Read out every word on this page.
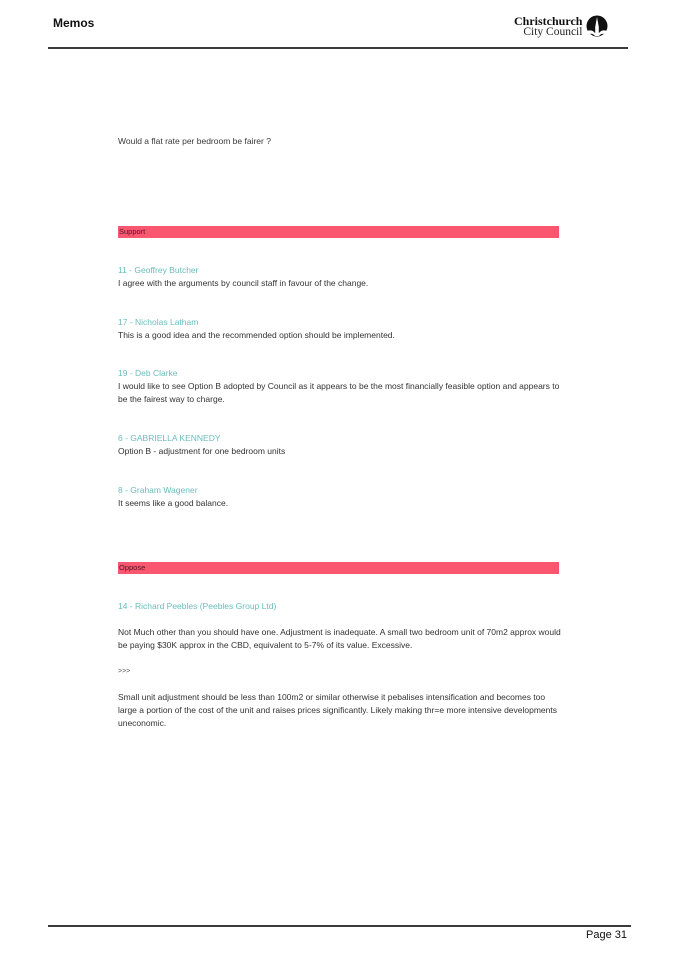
Memos	Christchurch
City Council
Would a flat rate per bedroom be fairer ?
Support
11 - Geoffrey Butcher
I agree with the arguments by council staff in favour of the change.
17 - Nicholas Latham
This is a good idea and the recommended option should be implemented.
19 - Deb Clarke
I would like to see Option B adopted by Council as it appears to be the most financially feasible option and appears to be the fairest way to charge.
6 - GABRIELLA KENNEDY
Option B - adjustment for one bedroom units
8 - Graham Wagener
It seems like a good balance.
Oppose
14 - Richard Peebles (Peebles Group Ltd)
Not Much other than you should have one. Adjustment is inadequate. A small two bedroom unit of 70m2 approx would be paying $30K approx in the CBD, equivalent to 5-7% of its value. Excessive.
>>>
Small unit adjustment should be less than 100m2 or similar otherwise it pebalises intensification and becomes too large a portion of the cost of the unit and raises prices significantly. Likely making thr=e more intensive developments uneconomic.
Page 31
